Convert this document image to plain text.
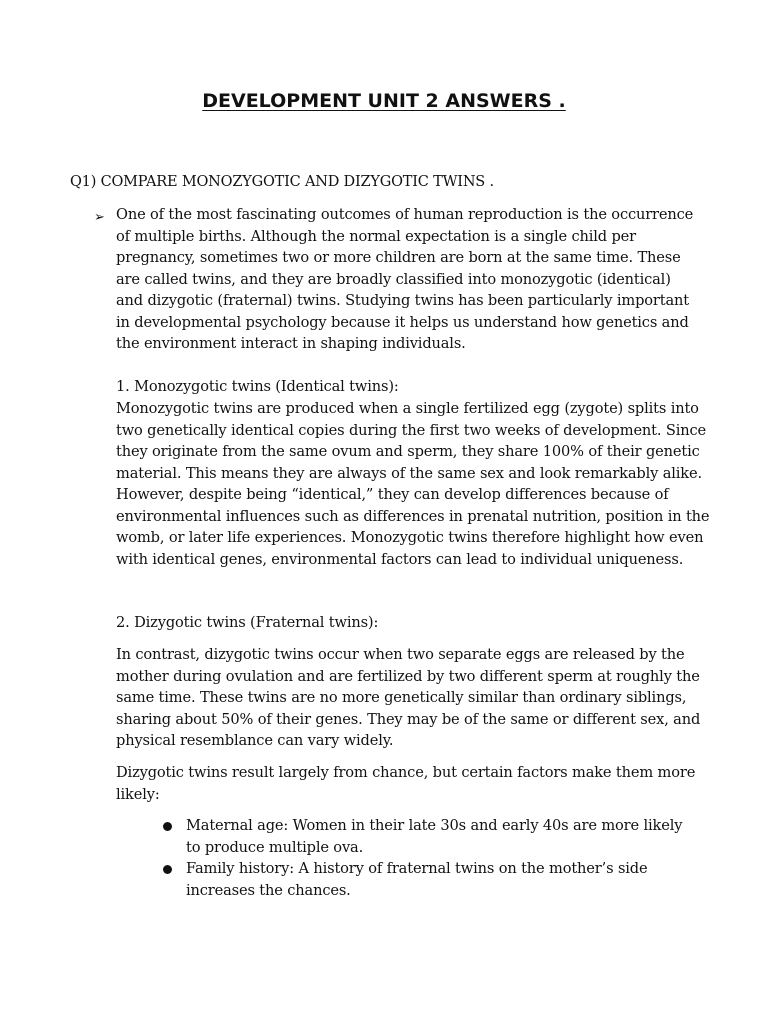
DEVELOPMENT UNIT 2 ANSWERS .

Q1) COMPARE MONOZYGOTIC AND DIZYGOTIC TWINS .

➢ One of the most fascinating outcomes of human reproduction is the occurrence of multiple births. Although the normal expectation is a single child per pregnancy, sometimes two or more children are born at the same time. These are called twins, and they are broadly classified into monozygotic (identical) and dizygotic (fraternal) twins. Studying twins has been particularly important in developmental psychology because it helps us understand how genetics and the environment interact in shaping individuals.

1. Monozygotic twins (Identical twins):

Monozygotic twins are produced when a single fertilized egg (zygote) splits into two genetically identical copies during the first two weeks of development. Since they originate from the same ovum and sperm, they share 100% of their genetic material. This means they are always of the same sex and look remarkably alike. However, despite being “identical,” they can develop differences because of environmental influences such as differences in prenatal nutrition, position in the womb, or later life experiences. Monozygotic twins therefore highlight how even with identical genes, environmental factors can lead to individual uniqueness.

2. Dizygotic twins (Fraternal twins):

In contrast, dizygotic twins occur when two separate eggs are released by the mother during ovulation and are fertilized by two different sperm at roughly the same time. These twins are no more genetically similar than ordinary siblings, sharing about 50% of their genes. They may be of the same or different sex, and physical resemblance can vary widely.

Dizygotic twins result largely from chance, but certain factors make them more likely:

Maternal age: Women in their late 30s and early 40s are more likely to produce multiple ova.

Family history: A history of fraternal twins on the mother’s side increases the chances.
